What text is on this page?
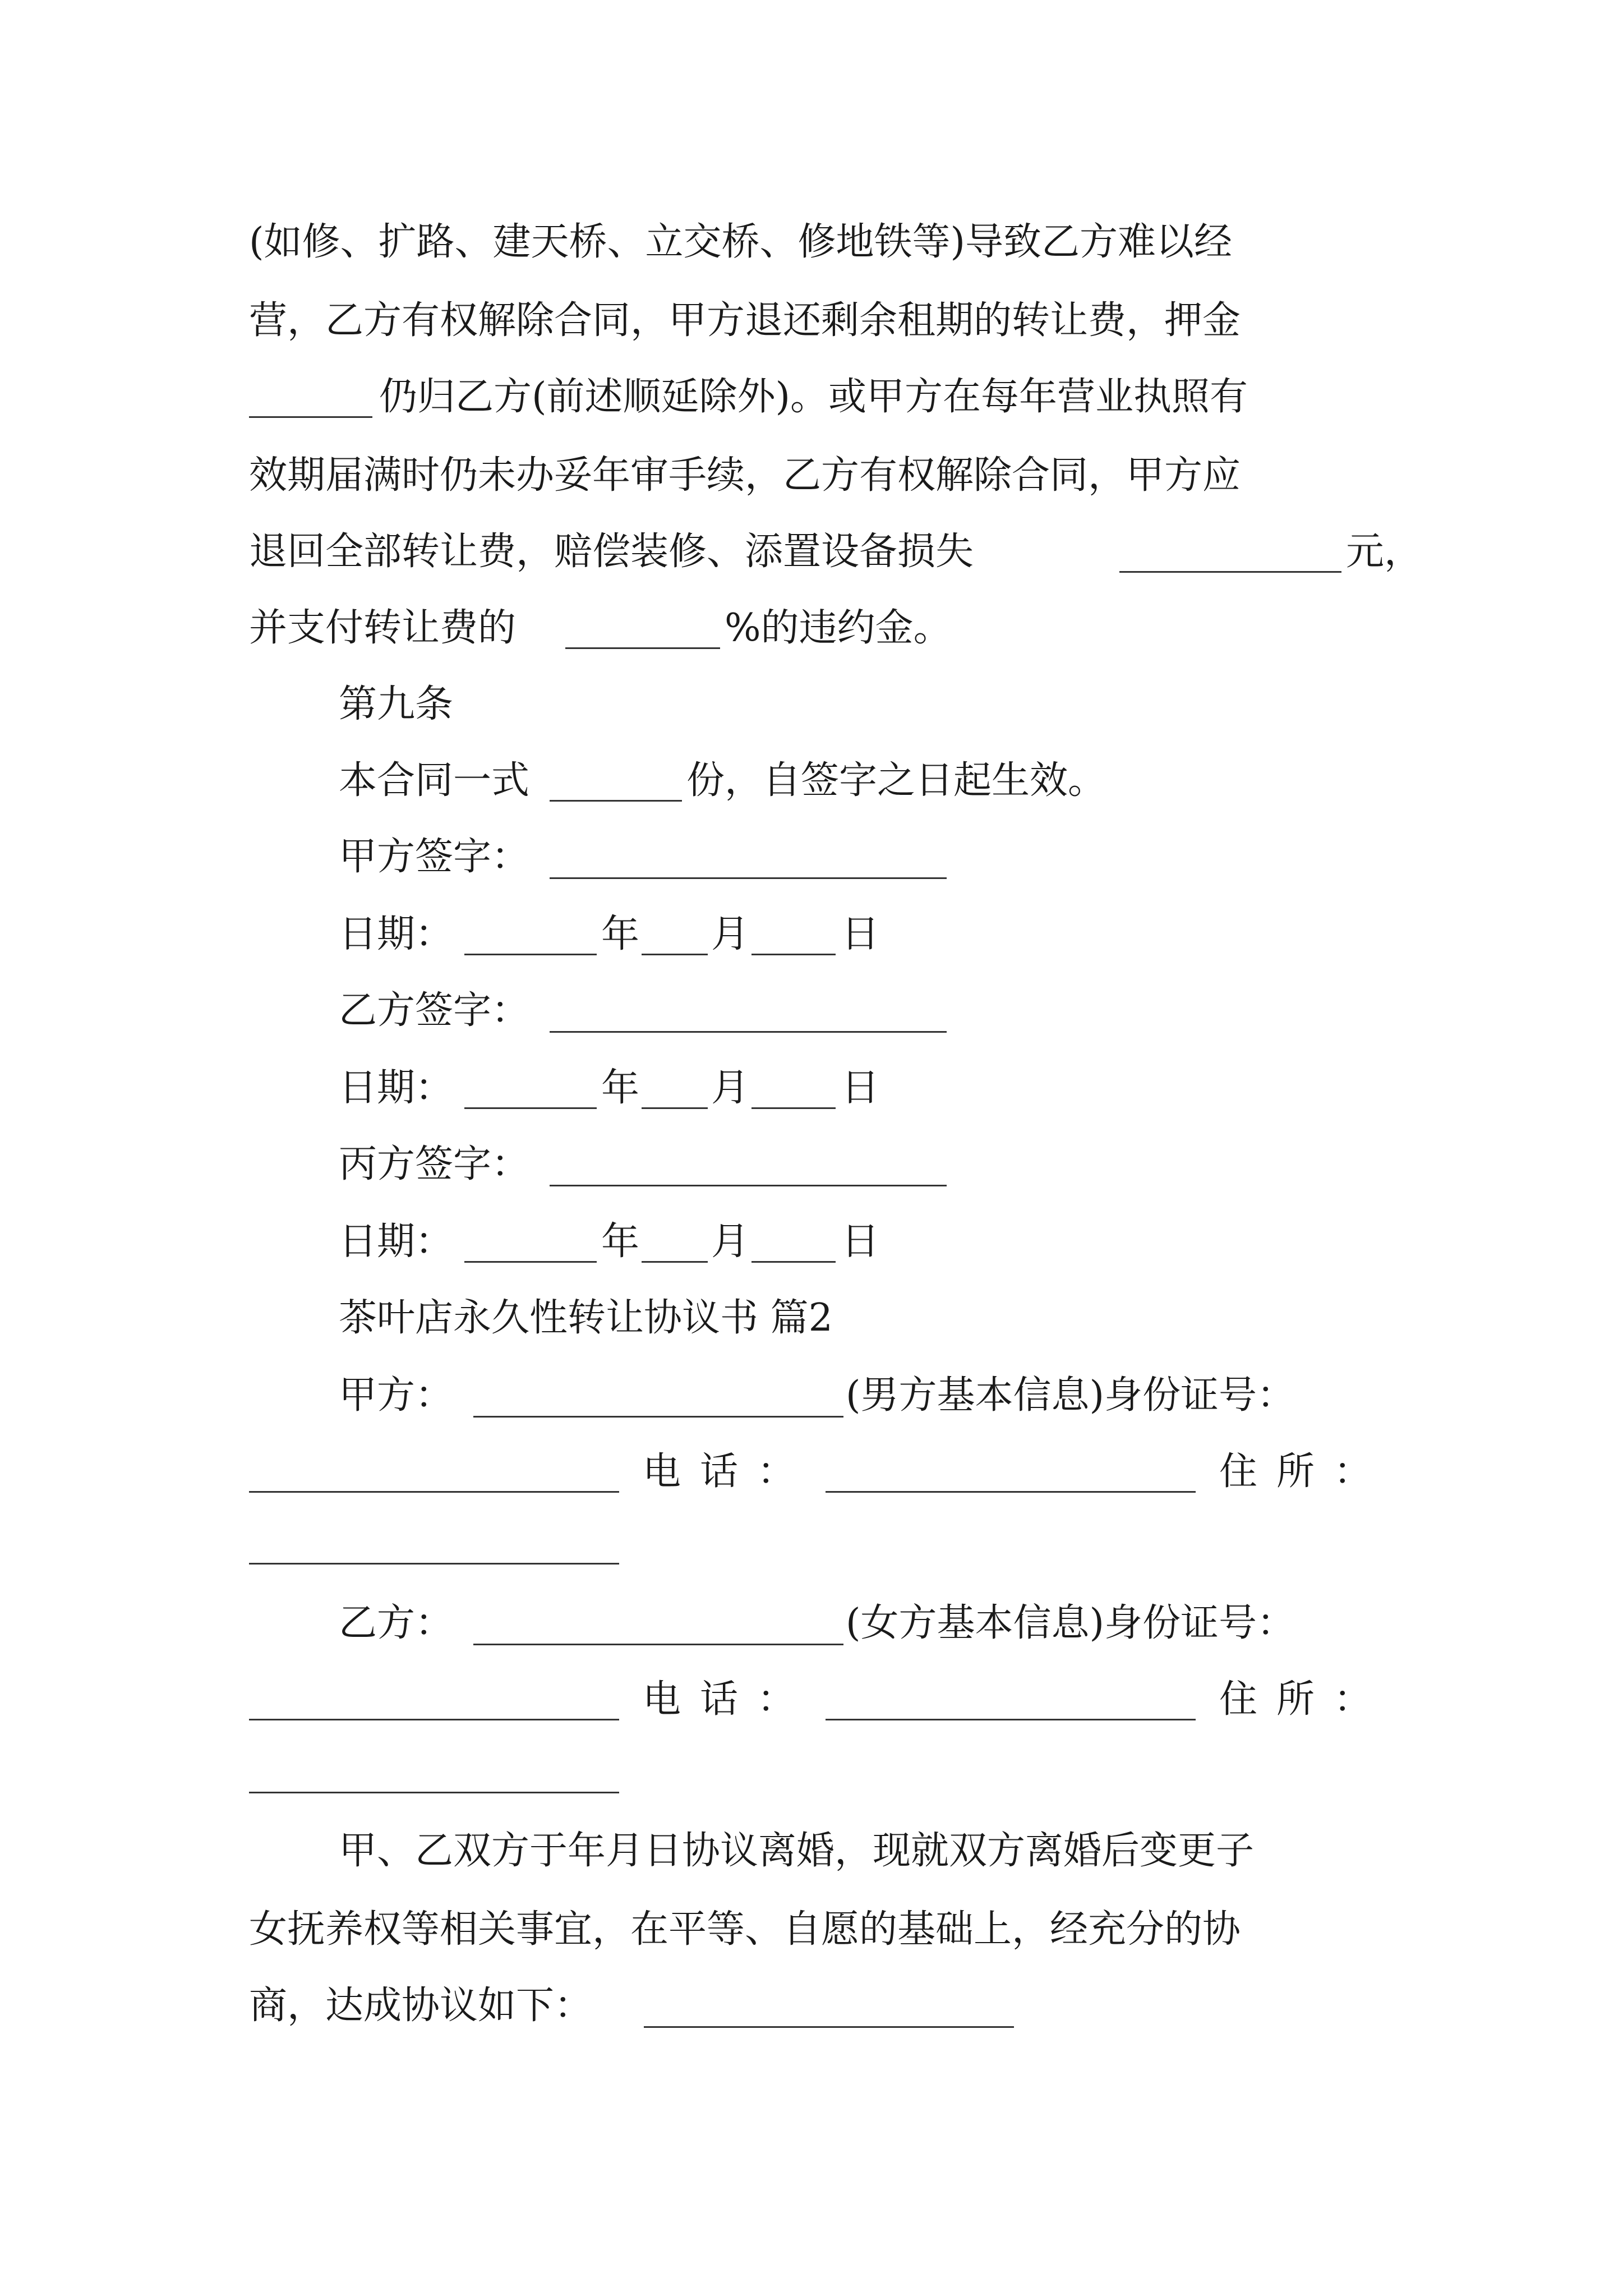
(如修、扩路、建天桥、立交桥、修地铁等)导致乙方难以经
营，乙方有权解除合同，甲方退还剩余租期的转让费，押金
仍归乙方(前述顺延除外)。或甲方在每年营业执照有
效期届满时仍未办妥年审手续，乙方有权解除合同，甲方应
退回全部转让费，赔偿装修、添置设备损失	元，
并支付转让费的	%的违约金。
第九条
本合同一式	份，自签字之日起生效。
甲方签字：
日期：	年 月 日
乙方签字：
日期：	年 月 日
丙方签字：
日期：	年 月 日
茶叶店永久性转让协议书 篇2
甲方：	(男方基本信息)身份证号：
电话：	住所：
乙方：	(女方基本信息)身份证号：
电话：	住所：
甲、乙双方于年月日协议离婚，现就双方离婚后变更子
女抚养权等相关事宜，在平等、自愿的基础上，经充分的协
商，达成协议如下：
